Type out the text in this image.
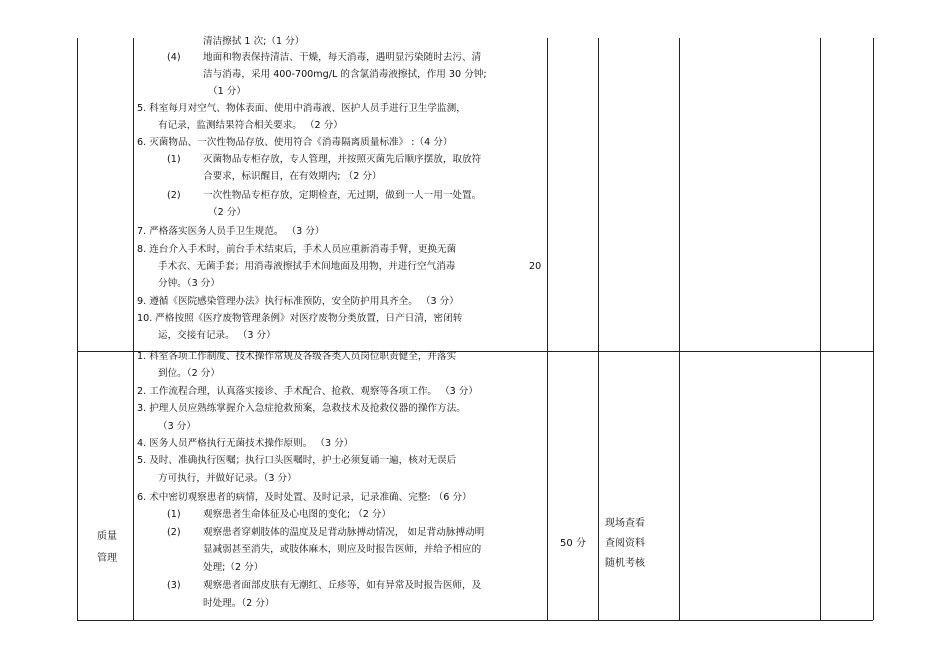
清洁擦拭 1 次;（1 分）
(4) 地面和物表保持清洁、干燥，每天消毒，遇明显污染随时去污、清
洁与消毒，采用 400-700mg/L 的含氯消毒液擦拭，作用 30 分钟;
（1 分）
5. 科室每月对空气、物体表面、使用中消毒液、医护人员手进行卫生学监测，
有记录，监测结果符合相关要求。 （2 分）
6. 灭菌物品、一次性物品存放、使用符合《消毒隔离质量标准》 :（4 分）
(1) 灭菌物品专柜存放，专人管理，并按照灭菌先后顺序摆放，取放符
合要求，标识醒目，在有效期内; （2 分）
(2) 一次性物品专柜存放，定期检查，无过期，做到一人一用一处置。
（2 分）
7. 严格落实医务人员手卫生规范。 （3 分）
8. 连台介入手术时，前台手术结束后，手术人员应重新消毒手臂，更换无菌
手术衣、无菌手套；用消毒液擦拭手术间地面及用物，并进行空气消毒	20
分钟。（3 分）
9. 遵循《医院感染管理办法》执行标准预防，安全防护用具齐全。 （3 分）
10. 严格按照《医疗废物管理条例》对医疗废物分类放置，日产日清，密闭转
运，交接有记录。 （3 分）
1. 科室各项工作制度、技术操作常规及各级各类人员岗位职责健全，并落实
到位。（2 分）
2. 工作流程合理，认真落实接诊、手术配合、抢救、观察等各项工作。 （3 分）
3. 护理人员应熟练掌握介入急症抢救预案，急救技术及抢救仪器的操作方法。
（3 分）
4. 医务人员严格执行无菌技术操作原则。 （3 分）
5. 及时、准确执行医嘱；执行口头医嘱时，护士必须复诵一遍，核对无误后
方可执行，并做好记录。（3 分）
6. 术中密切观察患者的病情，及时处置、及时记录，记录准确、完整: （6 分）
(1) 观察患者生命体征及心电图的变化; （2 分）
(2) 观察患者穿刺肢体的温度及足背动脉搏动情况， 如足背动脉搏动明
显减弱甚至消失，或肢体麻木，则应及时报告医师，并给予相应的
处理;（2 分）
(3) 观察患者面部皮肤有无潮红、丘疹等，如有异常及时报告医师，及
时处理。（2 分）
质量
管理
50 分
现场查看
查阅资料
随机考核
